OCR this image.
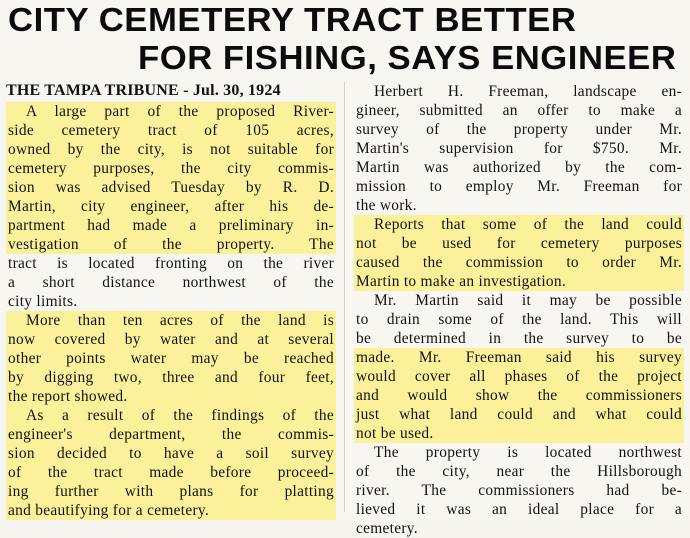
CITY CEMETERY TRACT BETTER
FOR FISHING, SAYS ENGINEER
THE TAMPA TRIBUNE - Jul. 30, 1924
A large part of the proposed River-
side cemetery tract of 105 acres,
owned by the city, is not suitable for
cemetery purposes, the city commis-
sion was advised Tuesday by R. D.
Martin, city engineer, after his de-
partment had made a preliminary in-
vestigation of the property. The
tract is located fronting on the river
a short distance northwest of the
city limits.
More than ten acres of the land is
now covered by water and at several
other points water may be reached
by digging two, three and four feet,
the report showed.
As a result of the findings of the
engineer's department, the commis-
sion decided to have a soil survey
of the tract made before proceed-
ing further with plans for platting
and beautifying for a cemetery.
Herbert H. Freeman, landscape en-
gineer, submitted an offer to make a
survey of the property under Mr.
Martin's supervision for $750. Mr.
Martin was authorized by the com-
mission to employ Mr. Freeman for
the work.
Reports that some of the land could
not be used for cemetery purposes
caused the commission to order Mr.
Martin to make an investigation.
Mr. Martin said it may be possible
to drain some of the land. This will
be determined in the survey to be
made. Mr. Freeman said his survey
would cover all phases of the project
and would show the commissioners
just what land could and what could
not be used.
The property is located northwest
of the city, near the Hillsborough
river. The commissioners had be-
lieved it was an ideal place for a
cemetery.
